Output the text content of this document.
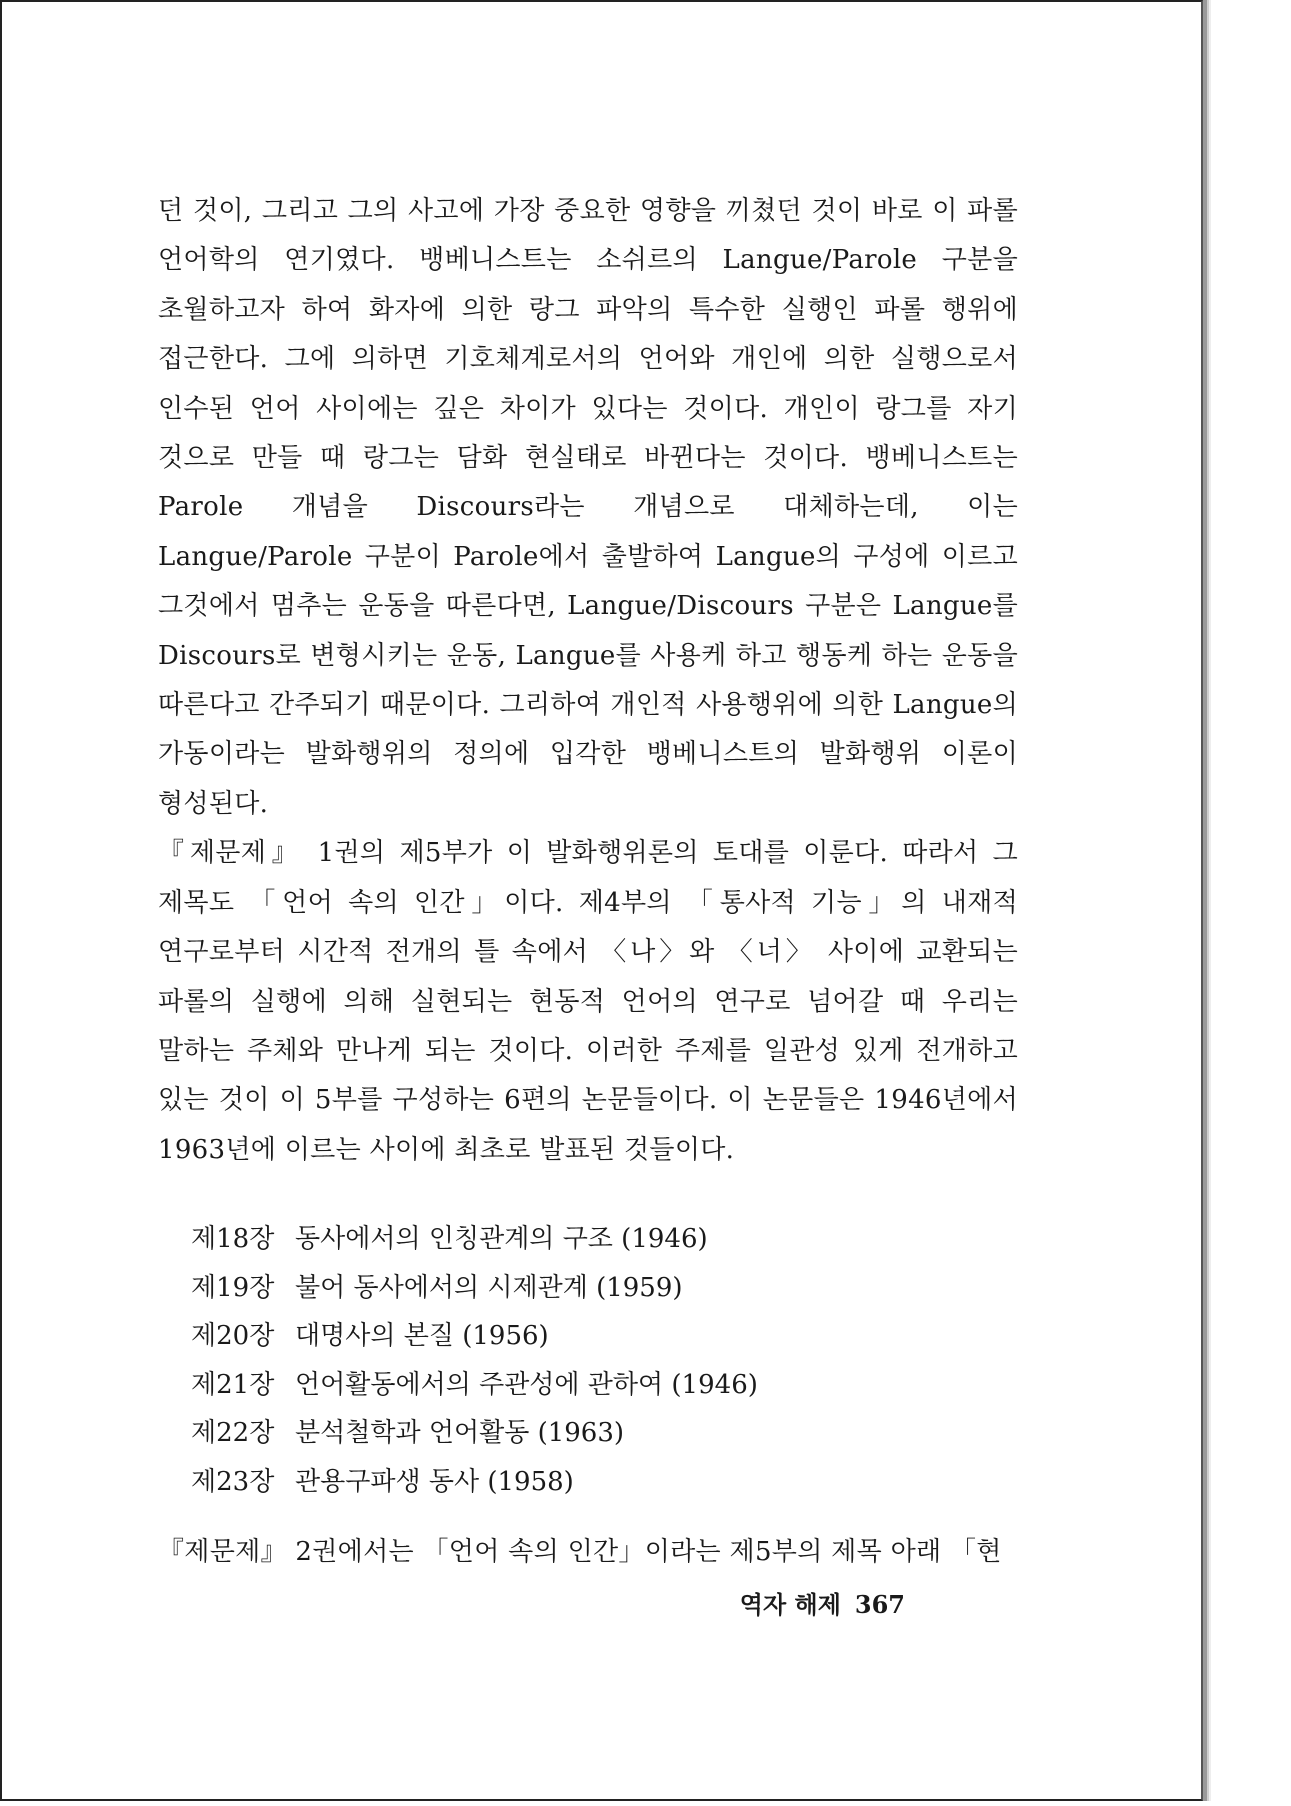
던 것이, 그리고 그의 사고에 가장 중요한 영향을 끼쳤던 것이 바로 이 파롤 언어학의 연기였다. 뱅베니스트는 소쉬르의 Langue/Parole 구분을 초월하고자 하여 화자에 의한 랑그 파악의 특수한 실행인 파롤 행위에 접근한다. 그에 의하면 기호체계로서의 언어와 개인에 의한 실행으로서 인수된 언어 사이에는 깊은 차이가 있다는 것이다. 개인이 랑그를 자기 것으로 만들 때 랑그는 담화 현실태로 바뀐다는 것이다. 뱅베니스트는 Parole 개념을 Discours라는 개념으로 대체하는데, 이는 Langue/Parole 구분이 Parole에서 출발하여 Langue의 구성에 이르고 그것에서 멈추는 운동을 따른다면, Langue/Discours 구분은 Langue를 Discours로 변형시키는 운동, Langue를 사용케 하고 행동케 하는 운동을 따른다고 간주되기 때문이다. 그리하여 개인적 사용행위에 의한 Langue의 가동이라는 발화행위의 정의에 입각한 뱅베니스트의 발화행위 이론이 형성된다.

『제문제』 1권의 제5부가 이 발화행위론의 토대를 이룬다. 따라서 그 제목도 「언어 속의 인간」이다. 제4부의 「통사적 기능」의 내재적 연구로부터 시간적 전개의 틀 속에서 〈나〉와 〈너〉 사이에 교환되는 파롤의 실행에 의해 실현되는 현동적 언어의 연구로 넘어갈 때 우리는 말하는 주체와 만나게 되는 것이다. 이러한 주제를 일관성 있게 전개하고 있는 것이 이 5부를 구성하는 6편의 논문들이다. 이 논문들은 1946년에서 1963년에 이르는 사이에 최초로 발표된 것들이다.

제18장 동사에서의 인칭관계의 구조 (1946)
제19장 불어 동사에서의 시제관계 (1959)
제20장 대명사의 본질 (1956)
제21장 언어활동에서의 주관성에 관하여 (1946)
제22장 분석철학과 언어활동 (1963)
제23장 관용구파생 동사 (1958)

『제문제』 2권에서는 「언어 속의 인간」이라는 제5부의 제목 아래 「현

역자 해제 367
